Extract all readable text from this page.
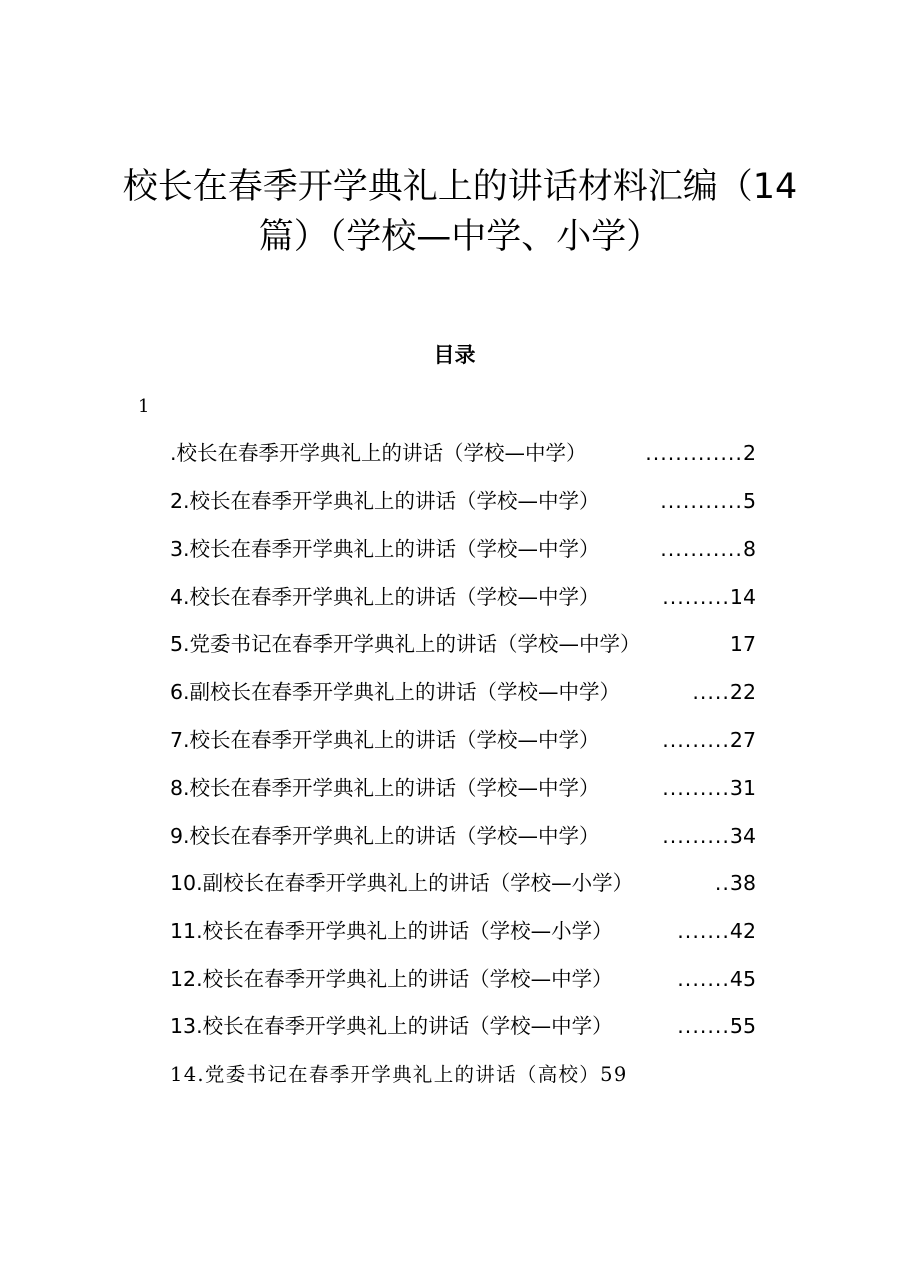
校长在春季开学典礼上的讲话材料汇编（14篇）（学校—中学、小学）
目录
1
.校长在春季开学典礼上的讲话（学校—中学）	............. 2
2.校长在春季开学典礼上的讲话（学校—中学）	........... 5
3.校长在春季开学典礼上的讲话（学校—中学）	........... 8
4.校长在春季开学典礼上的讲话（学校—中学）	......... 14
5.党委书记在春季开学典礼上的讲话（学校—中学）	17
6.副校长在春季开学典礼上的讲话（学校—中学）	..... 22
7.校长在春季开学典礼上的讲话（学校—中学）	......... 27
8.校长在春季开学典礼上的讲话（学校—中学）	......... 31
9.校长在春季开学典礼上的讲话（学校—中学）	......... 34
10.副校长在春季开学典礼上的讲话（学校—小学）	.. 38
11.校长在春季开学典礼上的讲话（学校—小学）	....... 42
12.校长在春季开学典礼上的讲话（学校—中学）	....... 45
13.校长在春季开学典礼上的讲话（学校—中学）	....... 55
14.党委书记在春季开学典礼上的讲话（高校） 59
